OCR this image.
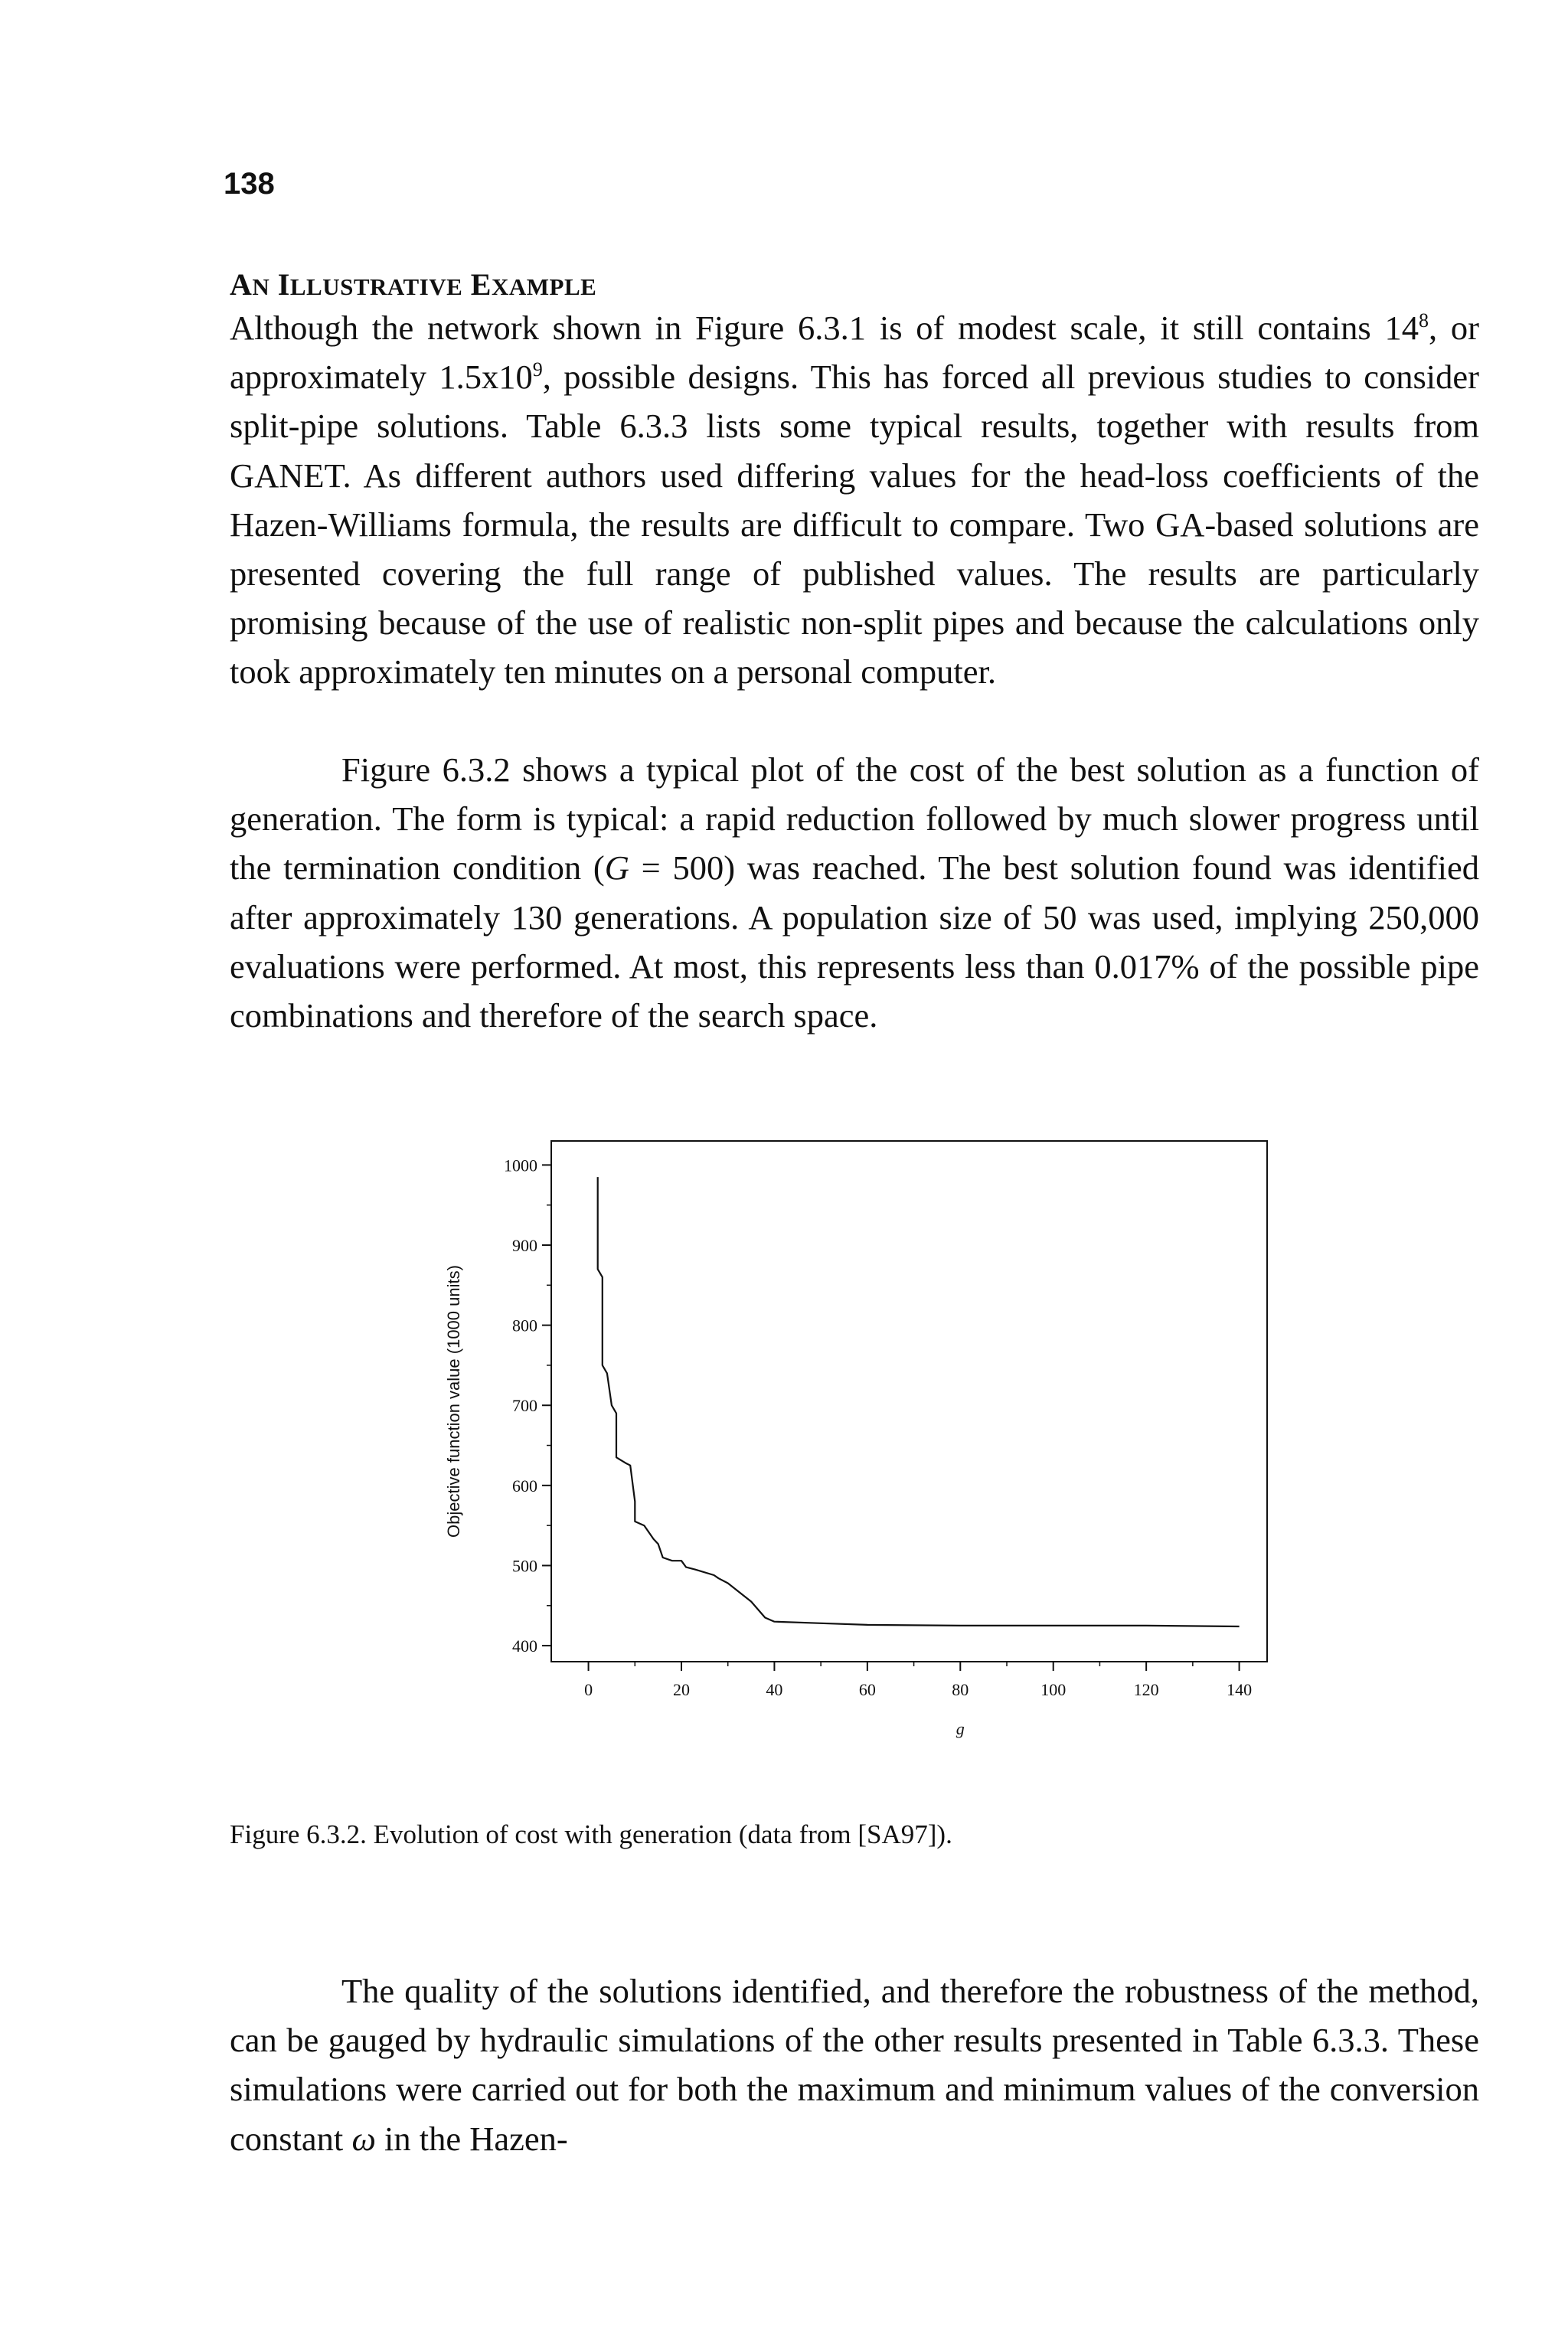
138
AN ILLUSTRATIVE EXAMPLE
Although the network shown in Figure 6.3.1 is of modest scale, it still contains $14^8$, or approximately $1.5x10^9$, possible designs. This has forced all previous studies to consider split-pipe solutions. Table 6.3.3 lists some typical results, together with results from GANET. As different authors used differing values for the head-loss coefficients of the Hazen-Williams formula, the results are difficult to compare. Two GA-based solutions are presented covering the full range of published values. The results are particularly promising because of the use of realistic non-split pipes and because the calculations only took approximately ten minutes on a personal computer.
Figure 6.3.2 shows a typical plot of the cost of the best solution as a function of generation. The form is typical: a rapid reduction followed by much slower progress until the termination condition (G = 500) was reached. The best solution found was identified after approximately 130 generations. A population size of 50 was used, implying 250,000 evaluations were performed. At most, this represents less than 0.017% of the possible pipe combinations and therefore of the search space.
400
500
600
700
800
900
1000
0	20	40	60	80	100	120	140
Objective function value (1000 units)
g
Figure 6.3.2. Evolution of cost with generation (data from [SA97]).
The quality of the solutions identified, and therefore the robustness of the method, can be gauged by hydraulic simulations of the other results presented in Table 6.3.3. These simulations were carried out for both the maximum and minimum values of the conversion constant ω in the Hazen-
